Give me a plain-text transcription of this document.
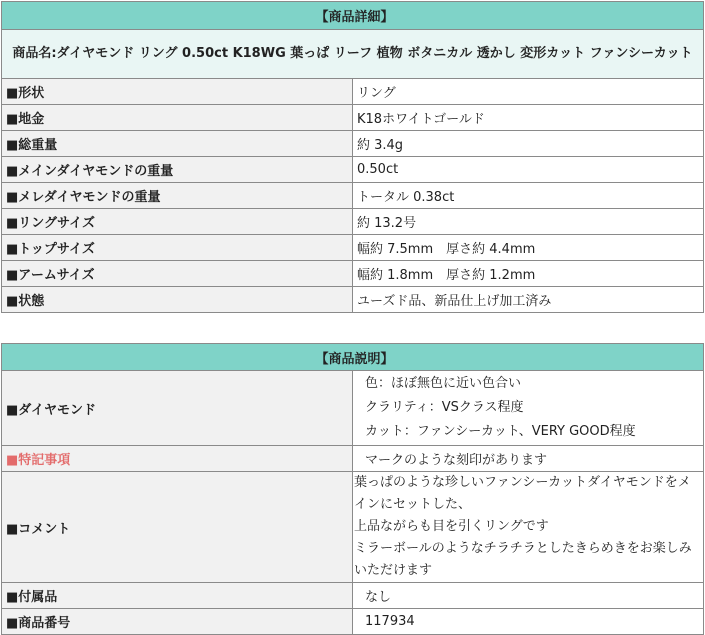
【商品詳細】	
商品名:ダイヤモンド リング 0.50ct K18WG 葉っぱ リーフ 植物 ボタニカル 透かし 変形カット ファンシーカット	
■形状	リング
■地金	K18ホワイトゴールド
■総重量	約 3.4g
■メインダイヤモンドの重量	0.50ct
■メレダイヤモンドの重量	トータル 0.38ct
■リングサイズ	約 13.2号
■トップサイズ	幅約 7.5mm　厚さ約 4.4mm
■アームサイズ	幅約 1.8mm　厚さ約 1.2mm
■状態	ユーズド品、新品仕上げ加工済み
【商品説明】	
■ダイヤモンド	色：ほぼ無色に近い色合い
クラリティ：VSクラス程度
カット：ファンシーカット、VERY GOOD程度

■特記事項	マークのような刻印があります
■コメント	葉っぱのような珍しいファンシーカットダイヤモンドをメインにセットした、
上品ながらも目を引くリングです
ミラーボールのようなチラチラとしたきらめきをお楽しみいただけます

■付属品	なし
■商品番号	117934
